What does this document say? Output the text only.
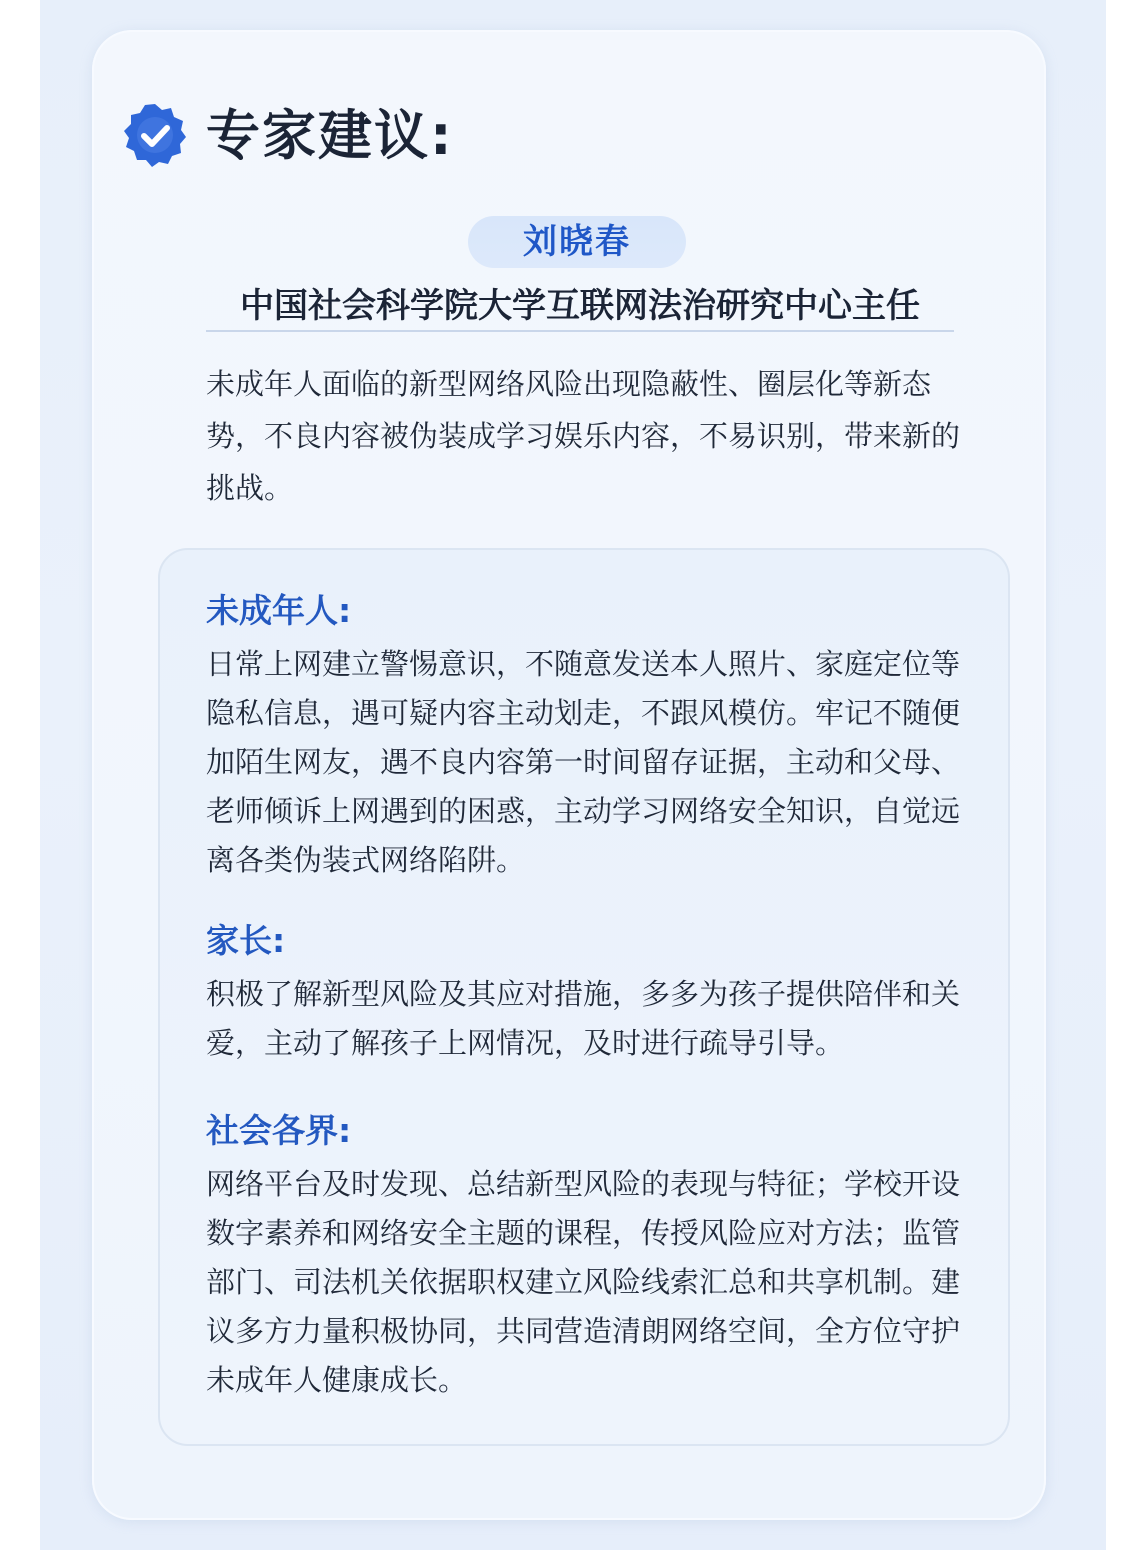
专家建议:
刘晓春
中国社会科学院大学互联网法治研究中心主任
未成年人面临的新型网络风险出现隐蔽性、圈层化等新态势，不良内容被伪装成学习娱乐内容，不易识别，带来新的挑战。
未成年人:
日常上网建立警惕意识，不随意发送本人照片、家庭定位等隐私信息，遇可疑内容主动划走，不跟风模仿。牢记不随便加陌生网友，遇不良内容第一时间留存证据，主动和父母、老师倾诉上网遇到的困惑，主动学习网络安全知识，自觉远离各类伪装式网络陷阱。
家长:
积极了解新型风险及其应对措施，多多为孩子提供陪伴和关爱，主动了解孩子上网情况，及时进行疏导引导。
社会各界:
网络平台及时发现、总结新型风险的表现与特征；学校开设数字素养和网络安全主题的课程，传授风险应对方法；监管部门、司法机关依据职权建立风险线索汇总和共享机制。建议多方力量积极协同，共同营造清朗网络空间，全方位守护未成年人健康成长。
